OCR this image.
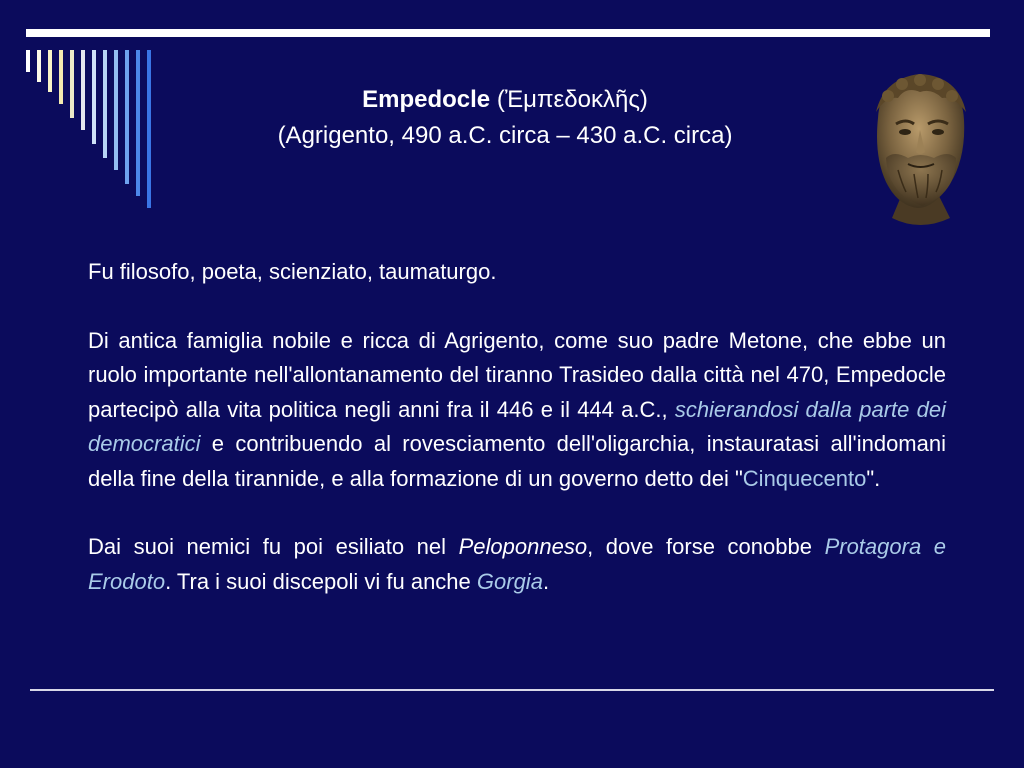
Empedocle (Ἐμπεδοκλῆς)
(Agrigento, 490 a.C. circa – 430 a.C. circa)

Fu filosofo, poeta, scienziato, taumaturgo.

Di antica famiglia nobile e ricca di Agrigento, come suo padre Metone, che ebbe un ruolo importante nell'allontanamento del tiranno Trasideo dalla città nel 470, Empedocle partecipò alla vita politica negli anni fra il 446 e il 444 a.C., schierandosi dalla parte dei democratici e contribuendo al rovesciamento dell'oligarchia, instauratasi all'indomani della fine della tirannide, e alla formazione di un governo detto dei "Cinquecento".

Dai suoi nemici fu poi esiliato nel Peloponneso, dove forse conobbe Protagora e Erodoto. Tra i suoi discepoli vi fu anche Gorgia.
